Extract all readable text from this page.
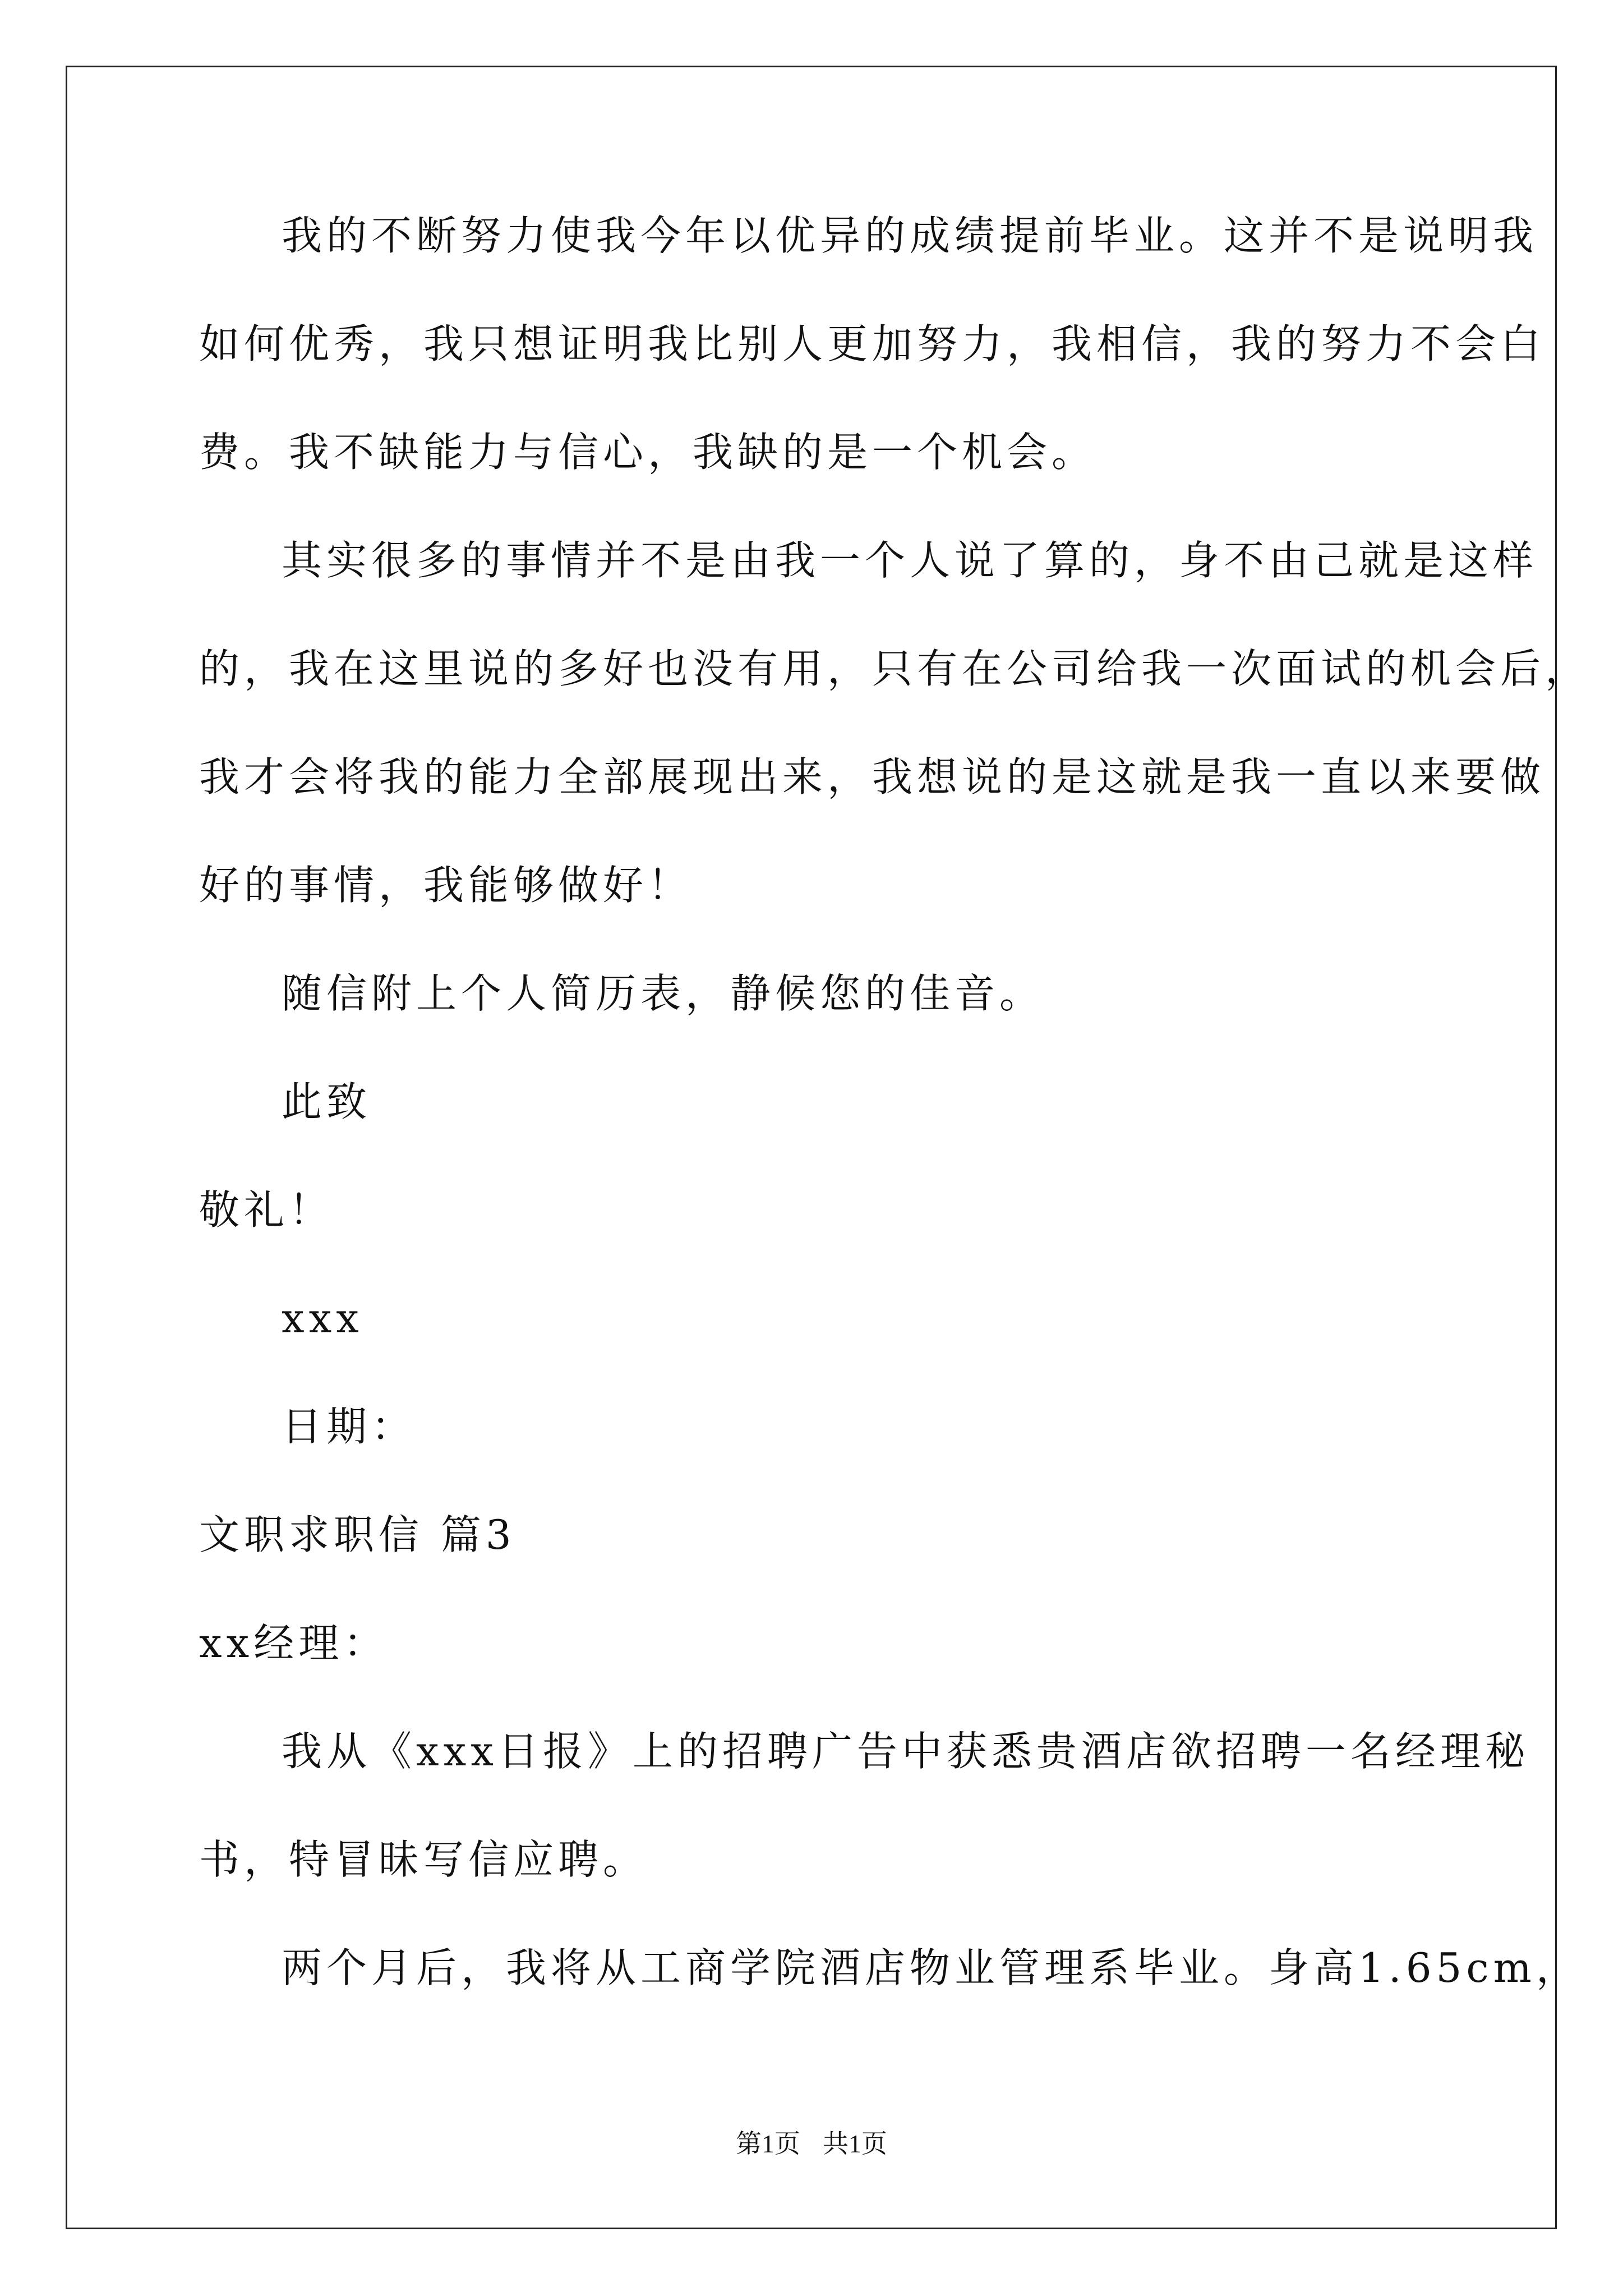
我的不断努力使我今年以优异的成绩提前毕业。这并不是说明我
如何优秀，我只想证明我比别人更加努力，我相信，我的努力不会白
费。我不缺能力与信心，我缺的是一个机会。
其实很多的事情并不是由我一个人说了算的，身不由己就是这样
的，我在这里说的多好也没有用，只有在公司给我一次面试的机会后，
我才会将我的能力全部展现出来，我想说的是这就是我一直以来要做
好的事情，我能够做好！
随信附上个人简历表，静候您的佳音。
此致
敬礼！
xxx
日期：
文职求职信 篇3
xx经理：
我从《xxx日报》上的招聘广告中获悉贵酒店欲招聘一名经理秘
书，特冒昧写信应聘。
两个月后，我将从工商学院酒店物业管理系毕业。身高1.65cm，
第1页 共1页
